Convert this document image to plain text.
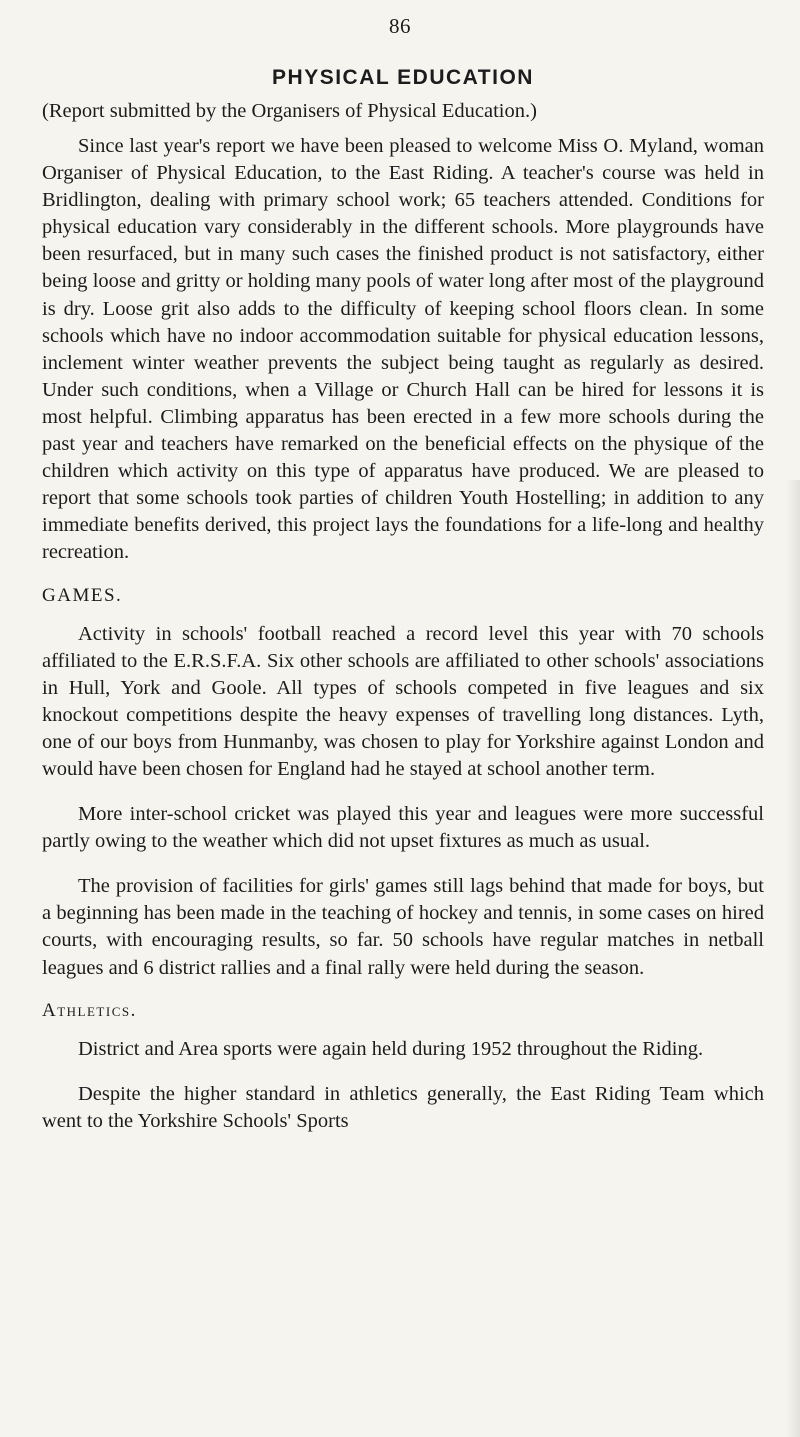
86
PHYSICAL EDUCATION
(Report submitted by the Organisers of Physical Education.)

Since last year's report we have been pleased to welcome Miss O. Myland, woman Organiser of Physical Education, to the East Riding. A teacher's course was held in Bridlington, dealing with primary school work; 65 teachers attended. Conditions for physical education vary considerably in the different schools. More playgrounds have been resurfaced, but in many such cases the finished product is not satisfactory, either being loose and gritty or holding many pools of water long after most of the playground is dry. Loose grit also adds to the difficulty of keeping school floors clean. In some schools which have no indoor accommodation suitable for physical education lessons, inclement winter weather prevents the subject being taught as regularly as desired. Under such conditions, when a Village or Church Hall can be hired for lessons it is most helpful. Climbing apparatus has been erected in a few more schools during the past year and teachers have remarked on the beneficial effects on the physique of the children which activity on this type of apparatus have produced. We are pleased to report that some schools took parties of children Youth Hostelling; in addition to any immediate benefits derived, this project lays the foundations for a life-long and healthy recreation.

GAMES.

Activity in schools' football reached a record level this year with 70 schools affiliated to the E.R.S.F.A. Six other schools are affiliated to other schools' associations in Hull, York and Goole. All types of schools competed in five leagues and six knockout competitions despite the heavy expenses of travelling long distances. Lyth, one of our boys from Hunmanby, was chosen to play for Yorkshire against London and would have been chosen for England had he stayed at school another term.

More inter-school cricket was played this year and leagues were more successful partly owing to the weather which did not upset fixtures as much as usual.

The provision of facilities for girls' games still lags behind that made for boys, but a beginning has been made in the teaching of hockey and tennis, in some cases on hired courts, with encouraging results, so far. 50 schools have regular matches in netball leagues and 6 district rallies and a final rally were held during the season.

Athletics.

District and Area sports were again held during 1952 throughout the Riding.

Despite the higher standard in athletics generally, the East Riding Team which went to the Yorkshire Schools' Sports
